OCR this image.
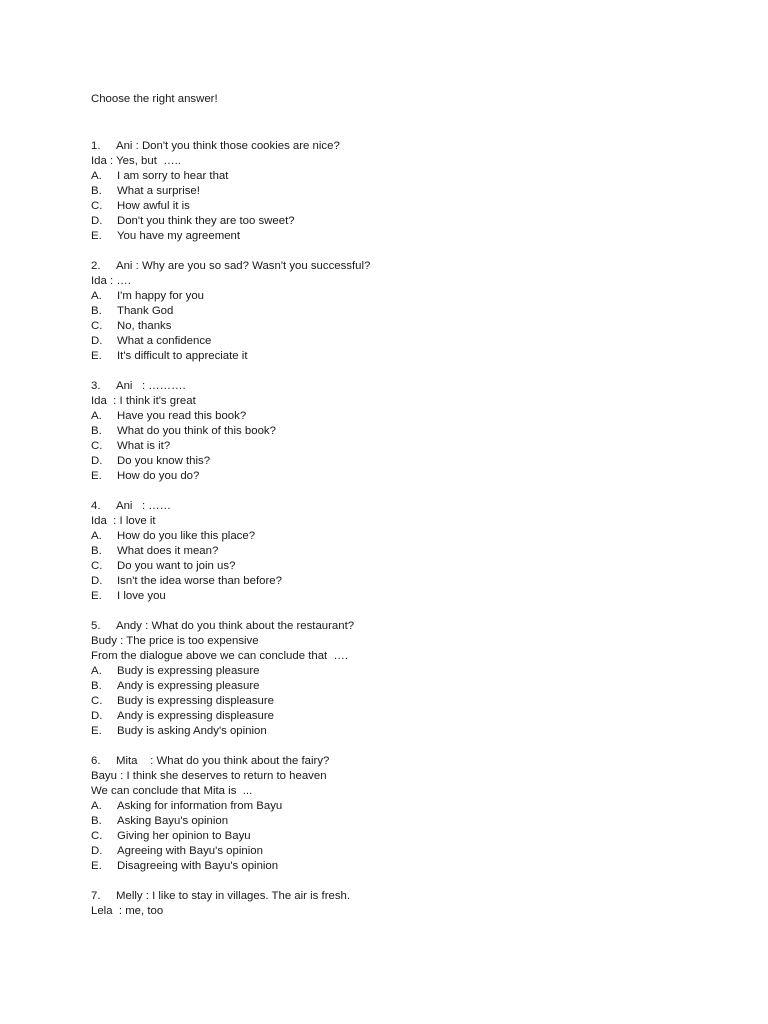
Choose the right answer!
1. Ani : Don't you think those cookies are nice?
Ida : Yes, but  …..
A. I am sorry to hear that
B. What a surprise!
C. How awful it is
D. Don't you think they are too sweet?
E. You have my agreement
2. Ani : Why are you so sad? Wasn't you successful?
Ida : ….
A. I'm happy for you
B. Thank God
C. No, thanks
D. What a confidence
E. It's difficult to appreciate it
3. Ani   : ……….
Ida  : I think it's great
A. Have you read this book?
B. What do you think of this book?
C. What is it?
D. Do you know this?
E. How do you do?
4. Ani   : ……
Ida  : I love it
A. How do you like this place?
B. What does it mean?
C. Do you want to join us?
D. Isn't the idea worse than before?
E. I love you
5. Andy : What do you think about the restaurant?
Budy : The price is too expensive
From the dialogue above we can conclude that  ….
A. Budy is expressing pleasure
B. Andy is expressing pleasure
C. Budy is expressing displeasure
D. Andy is expressing displeasure
E. Budy is asking Andy's opinion
6. Mita    : What do you think about the fairy?
Bayu : I think she deserves to return to heaven
We can conclude that Mita is  ...
A. Asking for information from Bayu
B. Asking Bayu's opinion
C. Giving her opinion to Bayu
D. Agreeing with Bayu's opinion
E. Disagreeing with Bayu's opinion
7. Melly : I like to stay in villages. The air is fresh.
Lela  : me, too
